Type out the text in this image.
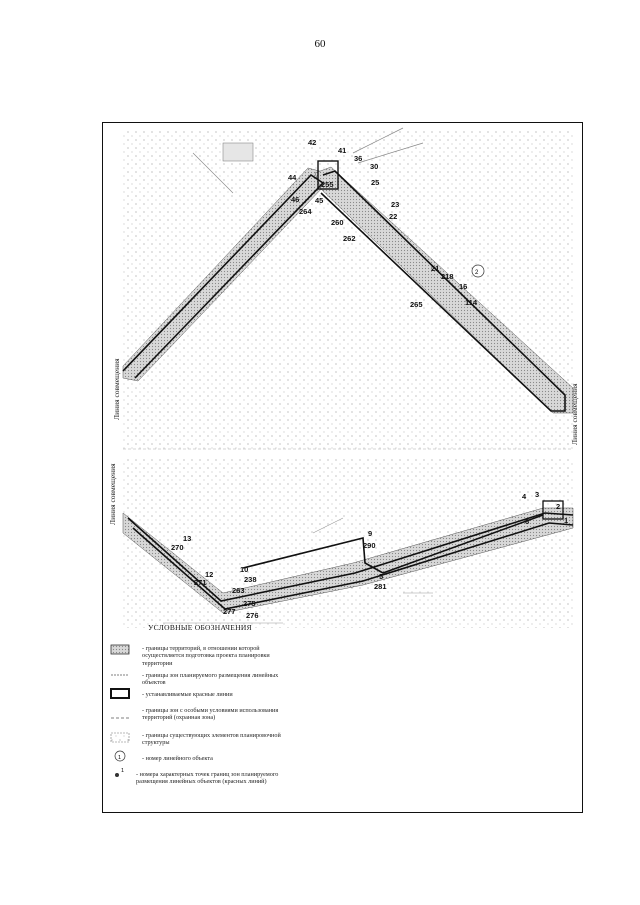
60
2
42
41
36
30
44
25
23
46 45
264
255
22
260
262
21
218
16
265	114
4 3
2
1
6
9
290
13
270
10
238
12
271
263
275
277 276
5
281
1
1
Линия совмещения	Линия совмещения
Линия совмещения
УСЛОВНЫЕ ОБОЗНАЧЕНИЯ
- границы территорий, в отношении которой осуществляется подготовка проекта планировки территории
- границы зон планируемого размещения линейных объектов
- устанавливаемые красные линии
- границы зон с особыми условиями использования территорий (охранная зона)
- границы существующих элементов планировочной структуры
- номер линейного объекта
- номера характерных точек границ зон планируемого размещения линейных объектов (красных линий)
